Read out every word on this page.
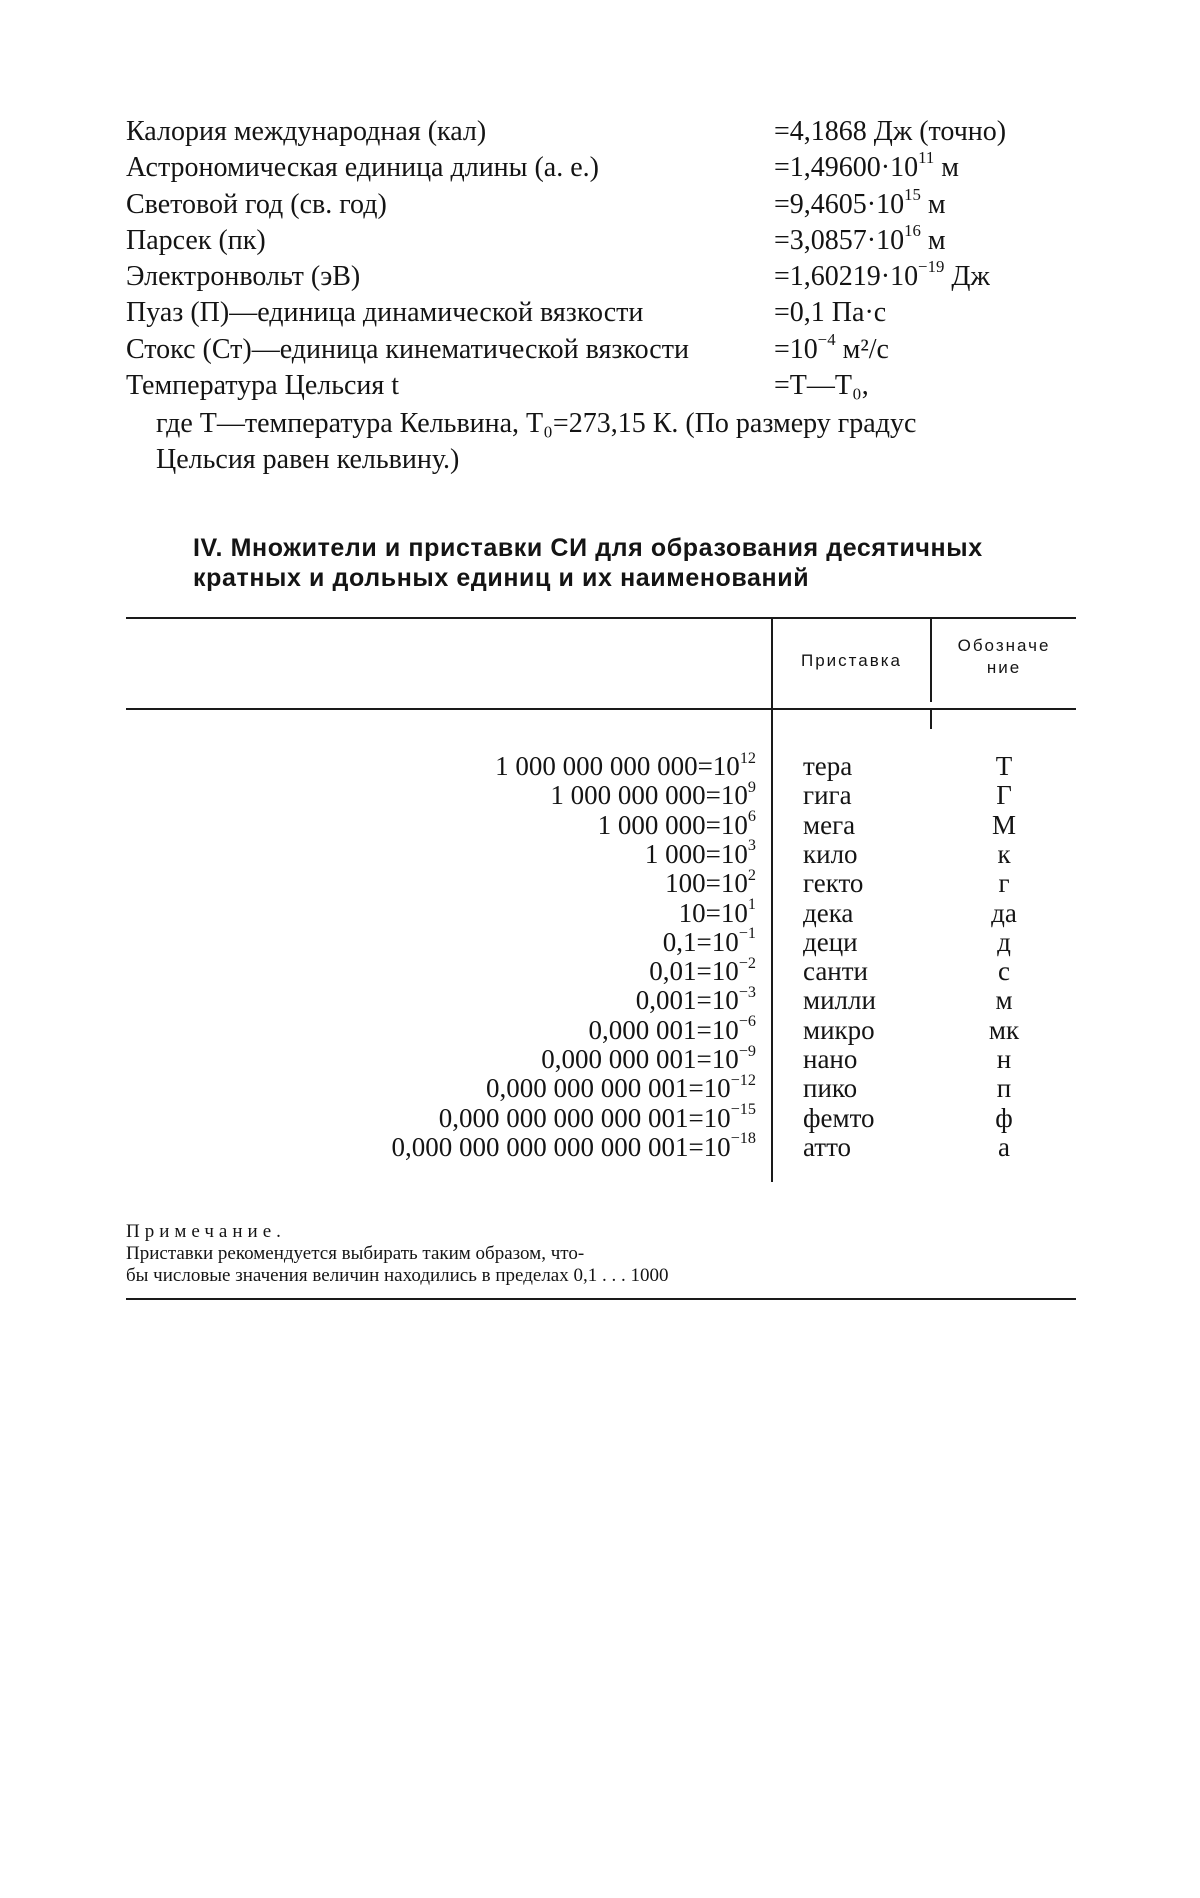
Калория международная (кал)	=4,1868 Дж (точно)
Астрономическая единица длины (а. е.)	$=1,49600\cdot 10^{11}$ м
Световой год (св. год)	$=9,4605\cdot 10^{15}$ м
Парсек (пк)	$=3,0857\cdot 10^{16}$ м
Электронвольт (эВ)	$=1,60219\cdot 10^{-19}$ Дж
Пуаз (П)—единица динамической вязкости	=0,1 Па·с
Стокс (Ст)—единица кинематической вязкости	$=10^{-4}$ м²/с
Температура Цельсия t	=T—T₀,
где T—температура Кельвина, T₀=273,15 К. (По размеру градус
Цельсия равен кельвину.)
IV. Множители и приставки СИ для образования десятичных
кратных и дольных единиц и их наименований
Приставка
Обозначе
ние
1 000 000 000 $000=10^{12}$ тера	Т
1 000 000 $000=10^9$ гига	Г
1 000 $000=10^6$ мега	М
1 $000=10^3$ кило	к
$100=10^2$ гекто	г
$10=10^1$ дека	да
$0,1=10^{-1}$ деци	д
$0,01=10^{-2}$ санти	с
$0,001=10^{-3}$ милли	м
0,000 $001=10^{-6}$ микро	мк
0,000 000 $001=10^{-9}$ нано	н
0,000 000 000 $001=10^{-12}$ пико	п
0,000 000 000 000 $001=10^{-15}$ фемто	ф
0,000 000 000 000 000 $001=10^{-18}$ атто	а
Примечание.
Приставки рекомендуется выбирать таким образом, что-
бы числовые значения величин находились в пределах 0,1 . . . 1000
